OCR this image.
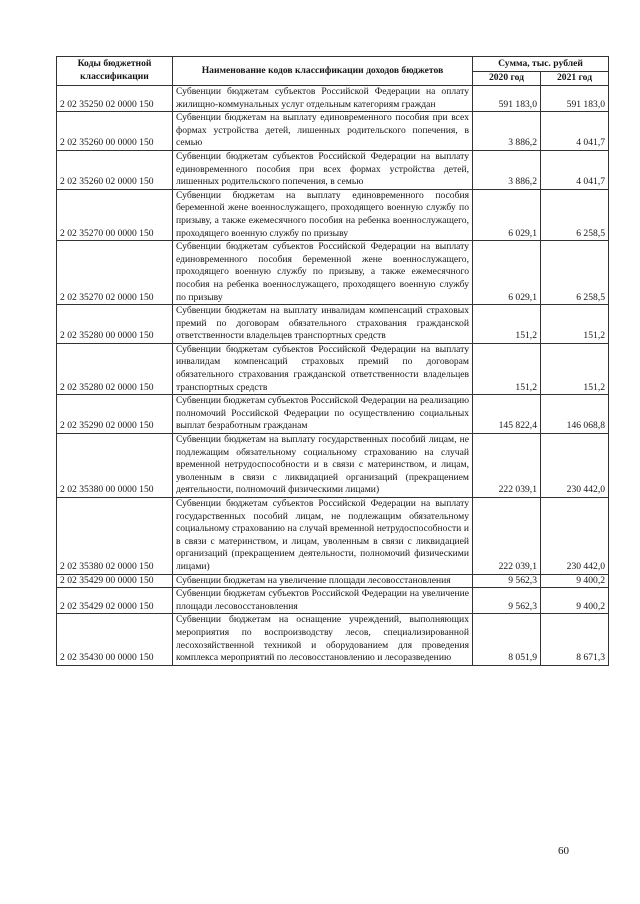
Коды бюджетной классификации	Наименование кодов классификации доходов бюджетов	Сумма, тыс. рублей	
		2020 год	2021 год
2 02 35250 02 0000 150	Субвенции бюджетам субъектов Российской Федерации на оплату жилищно-коммунальных услуг отдельным категориям граждан	591 183,0	591 183,0
2 02 35260 00 0000 150	Субвенции бюджетам на выплату единовременного пособия при всех формах устройства детей, лишенных родительского попечения, в семью	3 886,2	4 041,7
2 02 35260 02 0000 150	Субвенции бюджетам субъектов Российской Федерации на выплату единовременного пособия при всех формах устройства детей, лишенных родительского попечения, в семью	3 886,2	4 041,7
2 02 35270 00 0000 150	Субвенции бюджетам на выплату единовременного пособия беременной жене военнослужащего, проходящего военную службу по призыву, а также ежемесячного пособия на ребенка военнослужащего, проходящего военную службу по призыву	6 029,1	6 258,5
2 02 35270 02 0000 150	Субвенции бюджетам субъектов Российской Федерации на выплату единовременного пособия беременной жене военнослужащего, проходящего военную службу по призыву, а также ежемесячного пособия на ребенка военнослужащего, проходящего военную службу по призыву	6 029,1	6 258,5
2 02 35280 00 0000 150	Субвенции бюджетам на выплату инвалидам компенсаций страховых премий по договорам обязательного страхования гражданской ответственности владельцев транспортных средств	151,2	151,2
2 02 35280 02 0000 150	Субвенции бюджетам субъектов Российской Федерации на выплату инвалидам компенсаций страховых премий по договорам обязательного страхования гражданской ответственности владельцев транспортных средств	151,2	151,2
2 02 35290 02 0000 150	Субвенции бюджетам субъектов Российской Федерации на реализацию полномочий Российской Федерации по осуществлению социальных выплат безработным гражданам	145 822,4	146 068,8
2 02 35380 00 0000 150	Субвенции бюджетам на выплату государственных пособий лицам, не подлежащим обязательному социальному страхованию на случай временной нетрудоспособности и в связи с материнством, и лицам, уволенным в связи с ликвидацией организаций (прекращением деятельности, полномочий физическими лицами)	222 039,1	230 442,0
2 02 35380 02 0000 150	Субвенции бюджетам субъектов Российской Федерации на выплату государственных пособий лицам, не подлежащим обязательному социальному страхованию на случай временной нетрудоспособности и в связи с материнством, и лицам, уволенным в связи с ликвидацией организаций (прекращением деятельности, полномочий физическими лицами)	222 039,1	230 442,0
2 02 35429 00 0000 150	Субвенции бюджетам на увеличение площади лесовосстановления	9 562,3	9 400,2
2 02 35429 02 0000 150	Субвенции бюджетам субъектов Российской Федерации на увеличение площади лесовосстановления	9 562,3	9 400,2
2 02 35430 00 0000 150	Субвенции бюджетам на оснащение учреждений, выполняющих мероприятия по воспроизводству лесов, специализированной лесохозяйственной техникой и оборудованием для проведения комплекса мероприятий по лесовосстановлению и лесоразведению	8 051,9	8 671,3
60
